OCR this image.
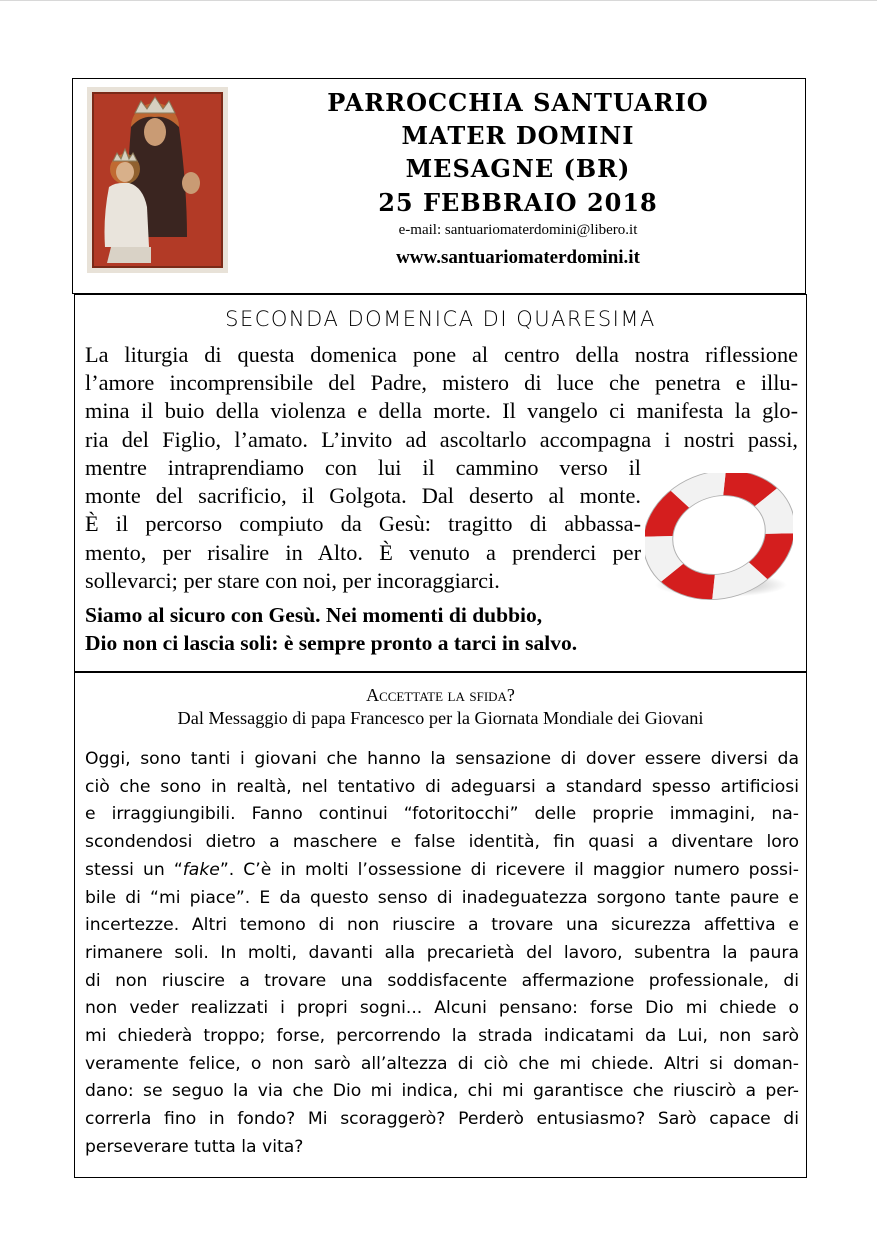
PARROCCHIA SANTUARIO
MATER DOMINI
MESAGNE (BR)
25 FEBBRAIO 2018
e-mail: santuariomaterdomini@libero.it
www.santuariomaterdomini.it
SECONDA DOMENICA DI QUARESIMA

La liturgia di questa domenica pone al centro della nostra riflessione
l’amore incomprensibile del Padre, mistero di luce che penetra e illu-
mina il buio della violenza e della morte. Il vangelo ci manifesta la glo-
ria del Figlio, l’amato. L’invito ad ascoltarlo accompagna i nostri passi,

mentre intraprendiamo con lui il cammino verso il
monte del sacrificio, il Golgota. Dal deserto al monte.
È il percorso compiuto da Gesù: tragitto di abbassa-
mento, per risalire in Alto. È venuto a prenderci per
sollevarci; per stare con noi, per incoraggiarci.

Siamo al sicuro con Gesù. Nei momenti di dubbio,
Dio non ci lascia soli: è sempre pronto a tarci in salvo.

Accettate la sfida?
Dal Messaggio di papa Francesco per la Giornata Mondiale dei Giovani

Oggi, sono tanti i giovani che hanno la sensazione di dover essere diversi da
ciò che sono in realtà, nel tentativo di adeguarsi a standard spesso artificiosi
e irraggiungibili. Fanno continui “fotoritocchi” delle proprie immagini, na-
scondendosi dietro a maschere e false identità, fin quasi a diventare loro
stessi un “fake”. C’è in molti l’ossessione di ricevere il maggior numero possi-
bile di “mi piace”. E da questo senso di inadeguatezza sorgono tante paure e
incertezze. Altri temono di non riuscire a trovare una sicurezza affettiva e
rimanere soli. In molti, davanti alla precarietà del lavoro, subentra la paura
di non riuscire a trovare una soddisfacente affermazione professionale, di
non veder realizzati i propri sogni... Alcuni pensano: forse Dio mi chiede o
mi chiederà troppo; forse, percorrendo la strada indicatami da Lui, non sarò
veramente felice, o non sarò all’altezza di ciò che mi chiede. Altri si doman-
dano: se seguo la via che Dio mi indica, chi mi garantisce che riuscirò a per-
correrla fino in fondo? Mi scoraggerò? Perderò entusiasmo? Sarò capace di
perseverare tutta la vita?
